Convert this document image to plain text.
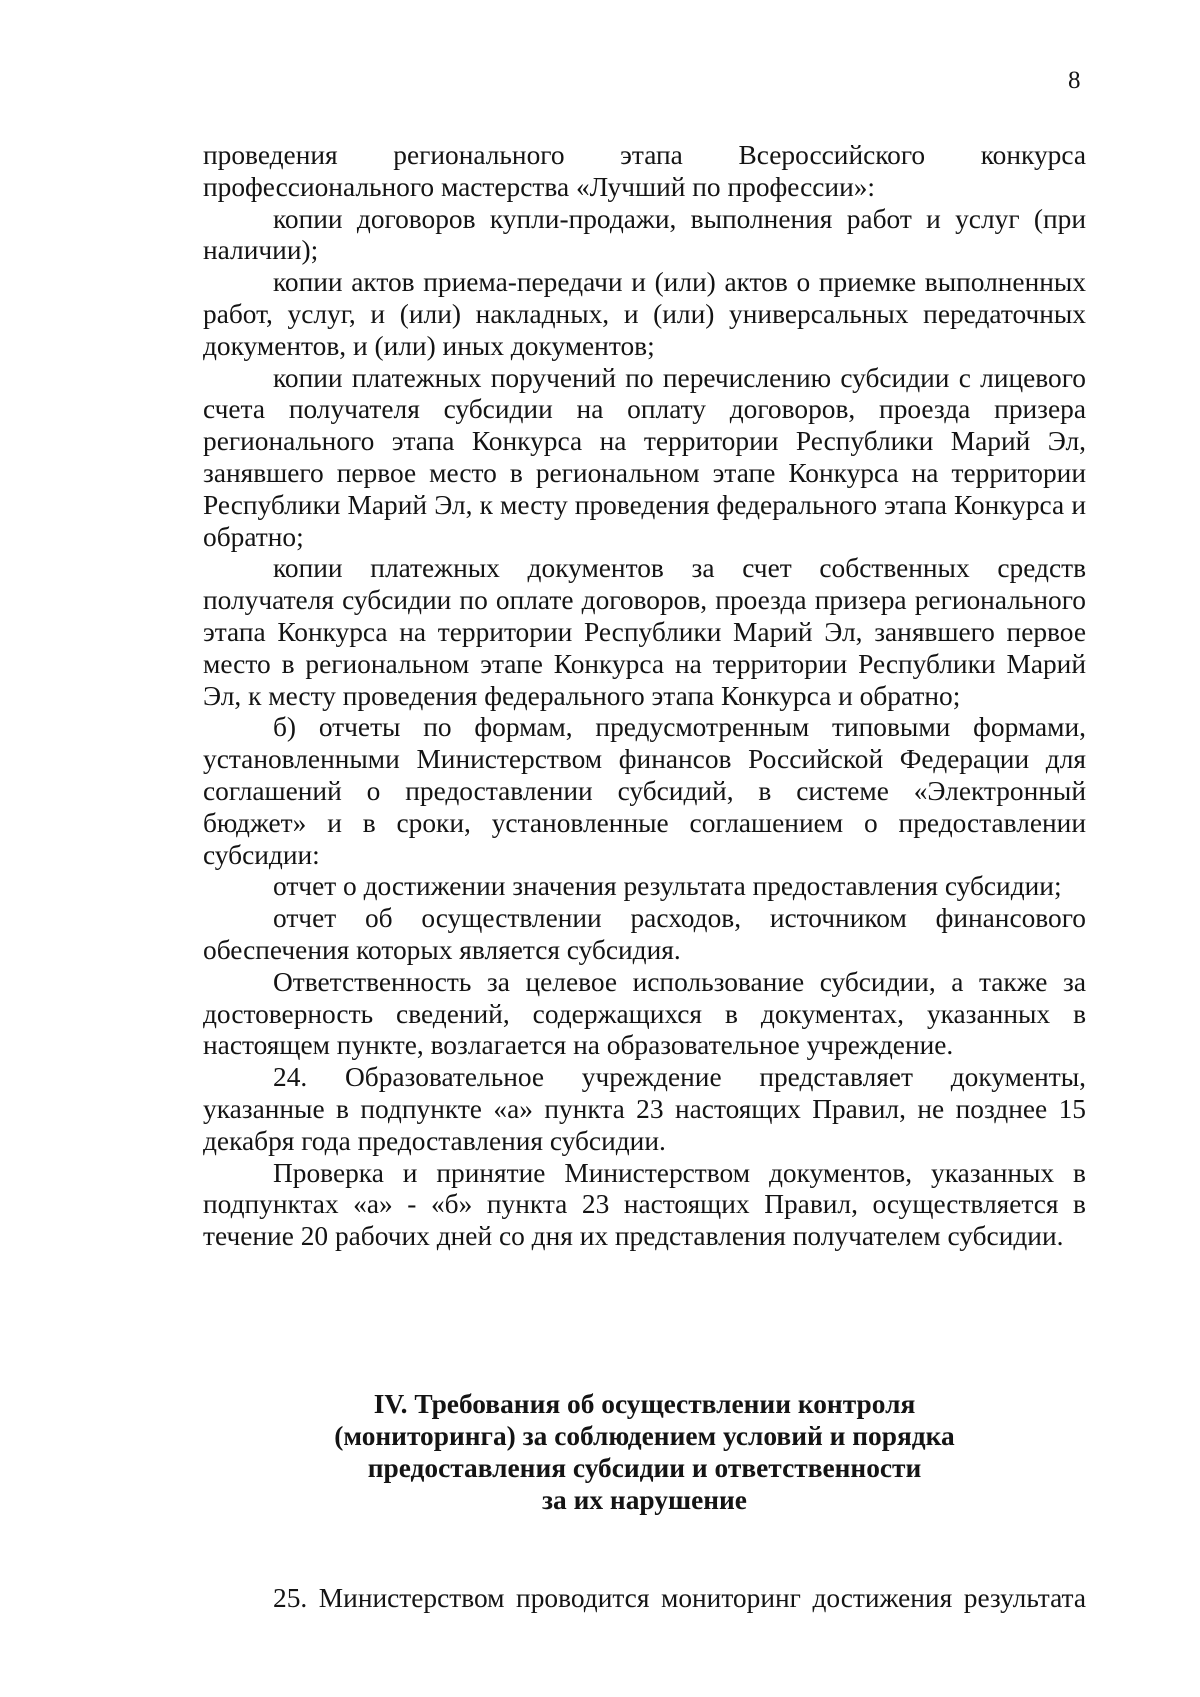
8

проведения регионального этапа Всероссийского конкурса профессионального мастерства «Лучший по профессии»:

копии договоров купли-продажи, выполнения работ и услуг (при наличии);

копии актов приема-передачи и (или) актов о приемке выполненных работ, услуг, и (или) накладных, и (или) универсальных передаточных документов, и (или) иных документов;

копии платежных поручений по перечислению субсидии с лицевого счета получателя субсидии на оплату договоров, проезда призера регионального этапа Конкурса на территории Республики Марий Эл, занявшего первое место в региональном этапе Конкурса на территории Республики Марий Эл, к месту проведения федерального этапа Конкурса и обратно;

копии платежных документов за счет собственных средств получателя субсидии по оплате договоров, проезда призера регионального этапа Конкурса на территории Республики Марий Эл, занявшего первое место в региональном этапе Конкурса на территории Республики Марий Эл, к месту проведения федерального этапа Конкурса и обратно;

б) отчеты по формам, предусмотренным типовыми формами, установленными Министерством финансов Российской Федерации для соглашений о предоставлении субсидий, в системе «Электронный бюджет» и в сроки, установленные соглашением о предоставлении субсидии:

отчет о достижении значения результата предоставления субсидии;

отчет об осуществлении расходов, источником финансового обеспечения которых является субсидия.

Ответственность за целевое использование субсидии, а также за достоверность сведений, содержащихся в документах, указанных в настоящем пункте, возлагается на образовательное учреждение.

24. Образовательное учреждение представляет документы, указанные в подпункте «а» пункта 23 настоящих Правил, не позднее 15 декабря года предоставления субсидии.

Проверка и принятие Министерством документов, указанных в подпунктах «а» - «б» пункта 23 настоящих Правил, осуществляется в течение 20 рабочих дней со дня их представления получателем субсидии.

IV. Требования об осуществлении контроля
(мониторинга) за соблюдением условий и порядка
предоставления субсидии и ответственности
за их нарушение

25. Министерством проводится мониторинг достижения результата
